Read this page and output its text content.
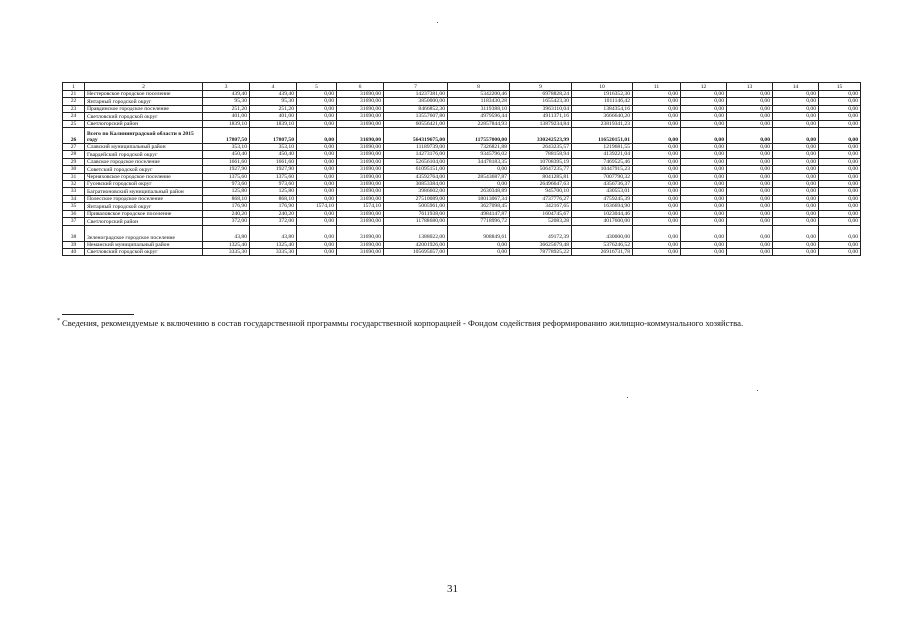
1	2	3	4	5	6	7	8	9	10	11	12	13	14	15
21	Нестеровское городское поселение	439,40	439,40	0,00	31690,00	14237381,00	5342200,46	6978828,24	1916352,30	0,00	0,00	0,00	0,00	0,00
22	Янтарный городской округ	95,30	95,30	0,00	31690,00	3850000,00	1183430,28	1655423,30	1011146,42	0,00	0,00	0,00	0,00	0,00
23	Правдинское городское поселение	251,20	251,20	0,00	31690,00	8466852,30	3119388,10	3963110,04	1384354,16	0,00	0,00	0,00	0,00	0,00
24	Светловский городской округ	401,00	401,00	0,00	31690,00	13557607,80	4979596,44	4911371,16	3666640,20	0,00	0,00	0,00	0,00	0,00
25	Светлогорский район	1839,10	1839,10	0,00	31690,00	60556421,00	22857844,93	13879234,84	23819341,23	0,00	0,00	0,00	0,00	0,00
26	Всего по Калининградской области в 2015 году	17807,50	17807,50	0,00	31690,00	564319675,00	117557000,00	330242523,99	116520151,01	0,00	0,00	0,00	0,00	0,00
27	Славский муниципальный район	353,10	353,10	0,00	31690,00	11189739,00	7326821,88	2643235,57	1219681,55	0,00	0,00	0,00	0,00	0,00
28	Гвардейский городской округ	450,40	450,40	0,00	31690,00	14273176,00	9345796,02	788158,94	4139221,04	0,00	0,00	0,00	0,00	0,00
29	Славское городское поселение	1661,60	1661,60	0,00	31690,00	52656104,00	34478183,35	10708395,19	7469525,46	0,00	0,00	0,00	0,00	0,00
30	Советский городской округ	1927,90	1927,90	0,00	31690,00	61095151,00	0,00	50647235,77	10447915,23	0,00	0,00	0,00	0,00	0,00
31	Черняховское городское поселение	1375,60	1375,60	0,00	31690,00	43592764,00	28543687,87	8041285,81	7007790,32	0,00	0,00	0,00	0,00	0,00
32	Гусевский городской округ	973,60	973,60	0,00	31690,00	30853384,00	0,00	26496647,63	4356736,37	0,00	0,00	0,00	0,00	0,00
33	Багратионовский муниципальный район	125,80	125,80	0,00	31690,00	3986602,00	2630348,89	945700,10	430553,01	0,00	0,00	0,00	0,00	0,00
34	Полесское городское поселение	868,10	868,10	0,00	31690,00	27510089,00	18013067,34	4737776,27	4759245,39	0,00	0,00	0,00	0,00	0,00
35	Янтарный городской округ	176,90	176,90	1574,10	1574,10	5005961,00	3627098,45	342167,65	1636694,90	0,00	0,00	0,00	0,00	0,00
36	Приваловское городское поселение	240,20	240,20	0,00	31690,00	7611938,00	4984147,87	1604745,67	1023044,46	0,00	0,00	0,00	0,00	0,00
37	Светлогорский район	372,00	372,00	0,00	31690,00	11788680,00	7718996,72	52083,28	4017600,00	0,00	0,00	0,00	0,00	0,00
38	Зеленоградское городское поселение	43,80	43,80	0,00	31690,00	1388022,00	908849,61	49172,39	430000,00	0,00	0,00	0,00	0,00	0,00
39	Неманский муниципальный район	1325,40	1325,40	0,00	31690,00	42001926,00	0,00	36625679,48	5376246,52	0,00	0,00	0,00	0,00	0,00
40	Светловский городской округ	3335,30	3335,30	0,00	31690,00	105695657,00	0,00	78778925,22	26916731,78	0,00	0,00	0,00	0,00	0,00
* Сведения, рекомендуемые к включению в состав государственной программы государственной корпорацией - Фондом содействия реформированию жилищно-коммунального хозяйства.
31
